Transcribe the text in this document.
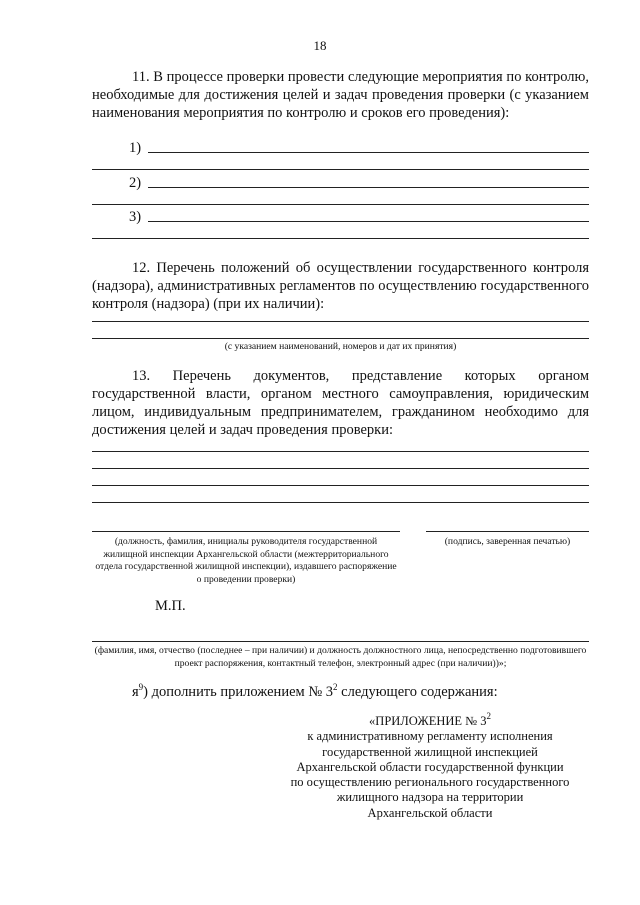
18
11. В процессе проверки провести следующие мероприятия по контролю, необходимые для достижения целей и задач проведения проверки (с указанием наименования мероприятия по контролю и сроков его проведения):
1)
2)
3)
12. Перечень положений об осуществлении государственного контроля (надзора), административных регламентов по осуществлению государственного контроля (надзора) (при их наличии):
(с указанием наименований, номеров и дат их принятия)
13. Перечень документов, представление которых органом государственной власти, органом местного самоуправления, юридическим лицом, индивидуальным предпринимателем, гражданином необходимо для достижения целей и задач проведения проверки:
(должность, фамилия, инициалы руководителя государственной жилищной инспекции Архангельской области (межтерриториального отдела государственной жилищной инспекции), издавшего распоряжение о проведении проверки)
(подпись, заверенная печатью)
М.П.
(фамилия, имя, отчество (последнее – при наличии) и должность должностного лица, непосредственно подготовившего проект распоряжения, контактный телефон, электронный адрес (при наличии))»;
$я^9$) дополнить приложением № $3^2$ следующего содержания:
«ПРИЛОЖЕНИЕ № $3^2$
к административному регламенту исполнения
государственной жилищной инспекцией
Архангельской области государственной функции
по осуществлению регионального государственного
жилищного надзора на территории
Архангельской области
